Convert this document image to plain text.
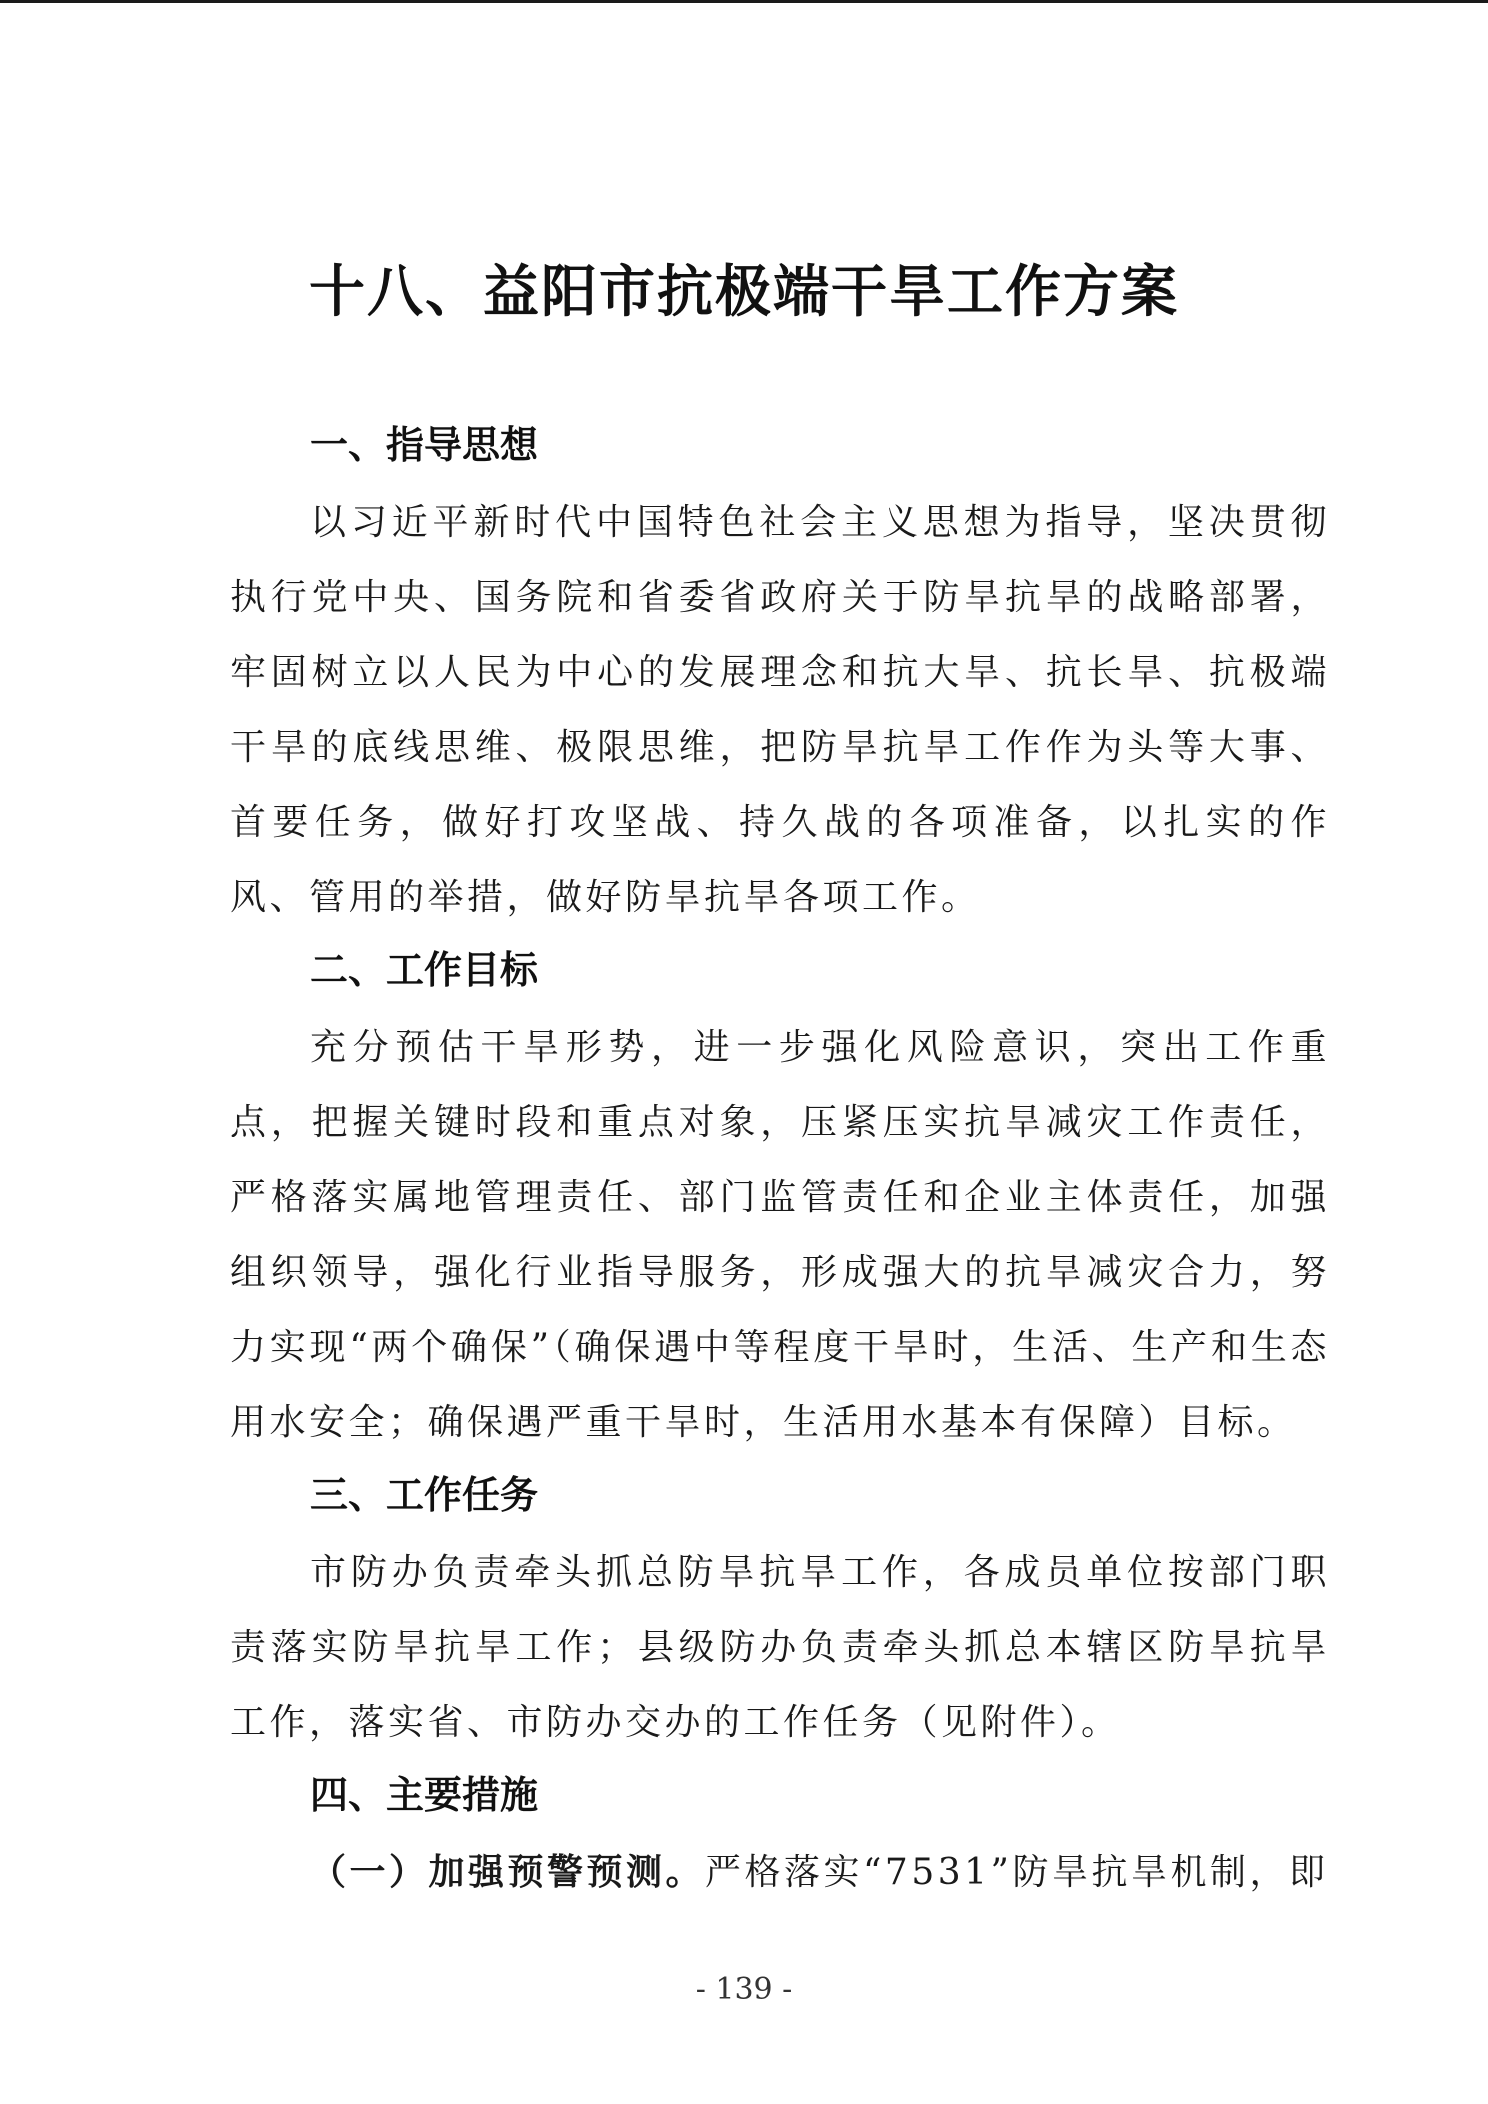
十八、益阳市抗极端干旱工作方案
一、指导思想
以习近平新时代中国特色社会主义思想为指导，坚决贯彻执行党中央、国务院和省委省政府关于防旱抗旱的战略部署，牢固树立以人民为中心的发展理念和抗大旱、抗长旱、抗极端干旱的底线思维、极限思维，把防旱抗旱工作作为头等大事、首要任务，做好打攻坚战、持久战的各项准备，以扎实的作风、管用的举措，做好防旱抗旱各项工作。
二、工作目标
充分预估干旱形势，进一步强化风险意识，突出工作重点，把握关键时段和重点对象，压紧压实抗旱减灾工作责任，严格落实属地管理责任、部门监管责任和企业主体责任，加强组织领导，强化行业指导服务，形成强大的抗旱减灾合力，努力实现“两个确保”（确保遇中等程度干旱时，生活、生产和生态用水安全；确保遇严重干旱时，生活用水基本有保障）目标。
三、工作任务
市防办负责牵头抓总防旱抗旱工作，各成员单位按部门职责落实防旱抗旱工作；县级防办负责牵头抓总本辖区防旱抗旱工作，落实省、市防办交办的工作任务（见附件）。
四、主要措施
（一）加强预警预测。严格落实“7531”防旱抗旱机制，即
- 139 -
